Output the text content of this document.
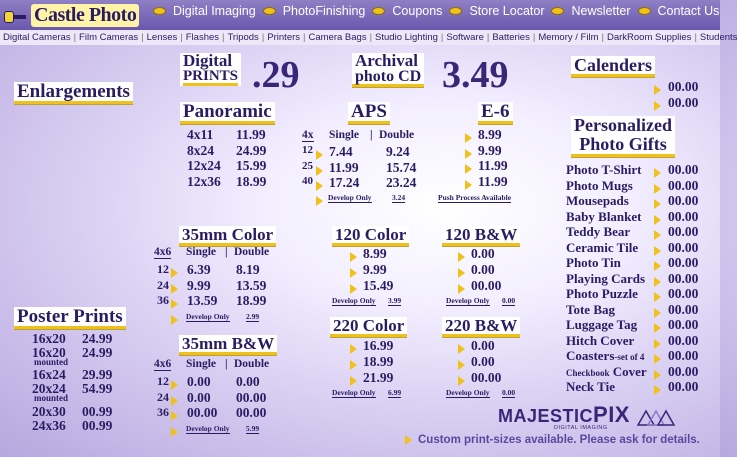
Castle Photo	Digital Imaging PhotoFinishing Coupons Store Locator Newsletter Contact Us
Digital Cameras | Film Cameras | Lenses | Flashes | Tripods | Printers | Camera Bags | Studio Lighting | Software | Batteries | Memory / Film | DarkRoom Supplies | Students
Digital
PRINTS .29	Archival
photo CD 3.49
Enlargements
Poster Prints
16x20 24.99
16x20 24.99
mounted
16x24 29.99
20x24 54.99
mounted
20x30 00.99
24x36 00.99
Panoramic
4x11 11.99
8x24 24.99
12x24 15.99
12x36 18.99
APS
4x Single | Double
12 7.44 9.24
25 11.99 15.74
40 17.24 23.24
Develop Only	3.24
E-6
8.99
9.99
11.99
11.99
Push Process Available
35mm Color
4x6 Single | Double
12 6.39 8.19
24 9.99 13.59
36 13.59 18.99
Develop Only 2.99
35mm B&W
4x6 Single | Double
12 0.00 0.00
24 0.00 00.00
36 00.00 00.00
Develop Only 5.99
120 Color
8.99
9.99
15.49
Develop Only 3.99
120 B&W
0.00
0.00
00.00
Develop Only 0.00
220 Color
16.99
18.99
21.99
Develop Only 6.99
220 B&W
0.00
0.00
00.00
Develop Only 0.00
Calenders
00.00
00.00
Personalized
Photo Gifts
Photo T-Shirt 00.00
Photo Mugs	00.00
Mousepads	00.00
Baby Blanket 00.00
Teddy Bear	00.00
Ceramic Tile 00.00
Photo Tin	00.00
Playing Cards 00.00
Photo Puzzle 00.00
Tote Bag	00.00
Luggage Tag 00.00
Hitch Cover	00.00
Coasters-set of 4 00.00
Checkbook Cover 00.00
Neck Tie	00.00
MAJESTICPIX
DIGITAL IMAGING
Custom print-sizes available. Please ask for details.
